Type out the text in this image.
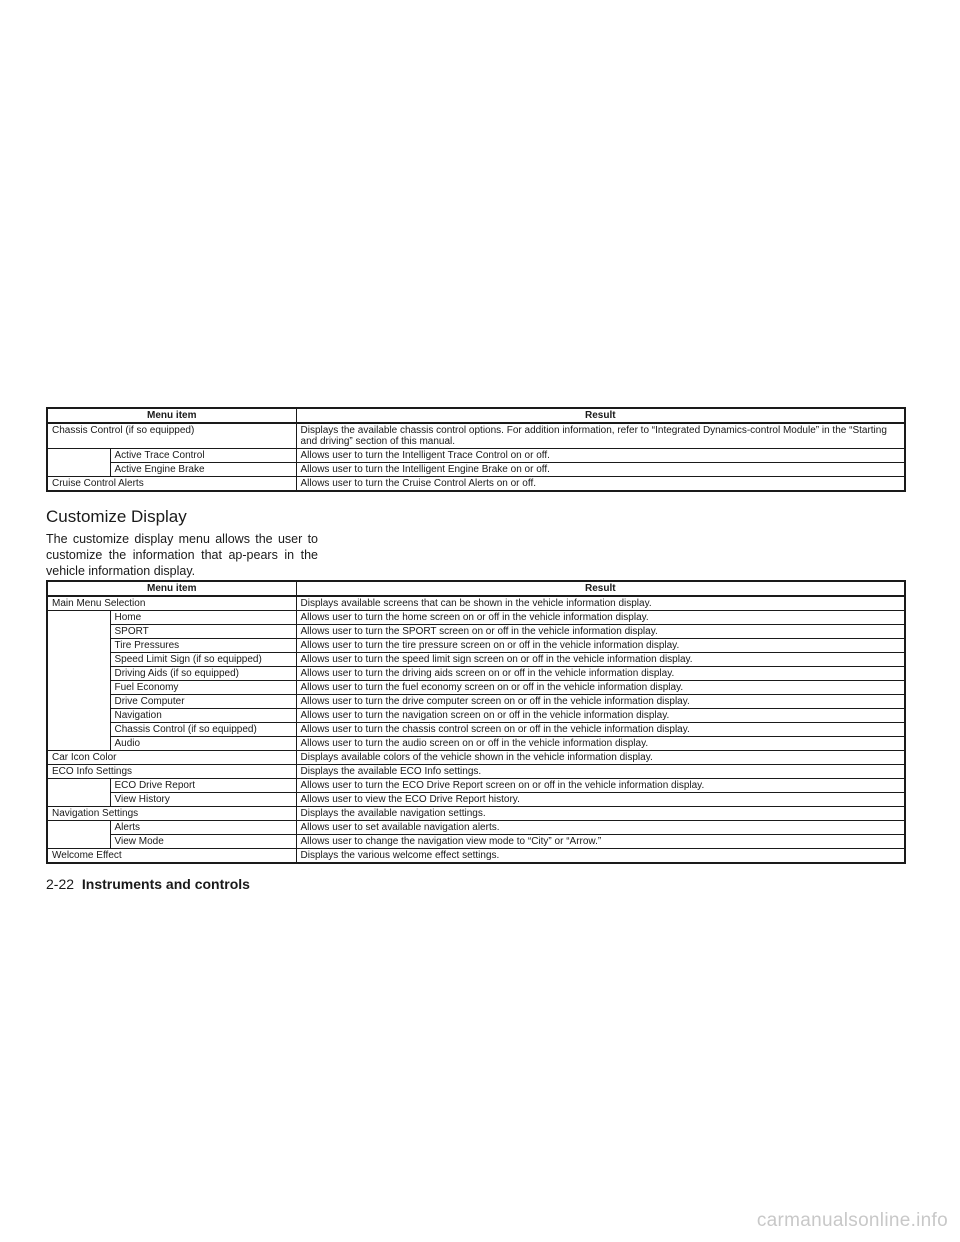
Menu item		Result
Chassis Control (if so equipped)		Displays the available chassis control options. For addition information, refer to “Integrated Dynamics-control Module” in the “Starting and driving” section of this manual.
	Active Trace Control	Allows user to turn the Intelligent Trace Control on or off.
	Active Engine Brake	Allows user to turn the Intelligent Engine Brake on or off.
Cruise Control Alerts		Allows user to turn the Cruise Control Alerts on or off.
Customize Display

The customize display menu allows the user to customize the information that ap-pears in the vehicle information display.

Menu item		Result
Main Menu Selection		Displays available screens that can be shown in the vehicle information display.
	Home	Allows user to turn the home screen on or off in the vehicle information display.
	SPORT	Allows user to turn the SPORT screen on or off in the vehicle information display.
	Tire Pressures	Allows user to turn the tire pressure screen on or off in the vehicle information display.
	Speed Limit Sign (if so equipped)	Allows user to turn the speed limit sign screen on or off in the vehicle information display.
	Driving Aids (if so equipped)	Allows user to turn the driving aids screen on or off in the vehicle information display.
	Fuel Economy	Allows user to turn the fuel economy screen on or off in the vehicle information display.
	Drive Computer	Allows user to turn the drive computer screen on or off in the vehicle information display.
	Navigation	Allows user to turn the navigation screen on or off in the vehicle information display.
	Chassis Control (if so equipped)	Allows user to turn the chassis control screen on or off in the vehicle information display.
	Audio	Allows user to turn the audio screen on or off in the vehicle information display.
Car Icon Color		Displays available colors of the vehicle shown in the vehicle information display.
ECO Info Settings		Displays the available ECO Info settings.
	ECO Drive Report	Allows user to turn the ECO Drive Report screen on or off in the vehicle information display.
	View History	Allows user to view the ECO Drive Report history.
Navigation Settings		Displays the available navigation settings.
	Alerts	Allows user to set available navigation alerts.
	View Mode	Allows user to change the navigation view mode to “City” or “Arrow.”
Welcome Effect		Displays the various welcome effect settings.

2-22 Instruments and controls

carmanualsonline.info
